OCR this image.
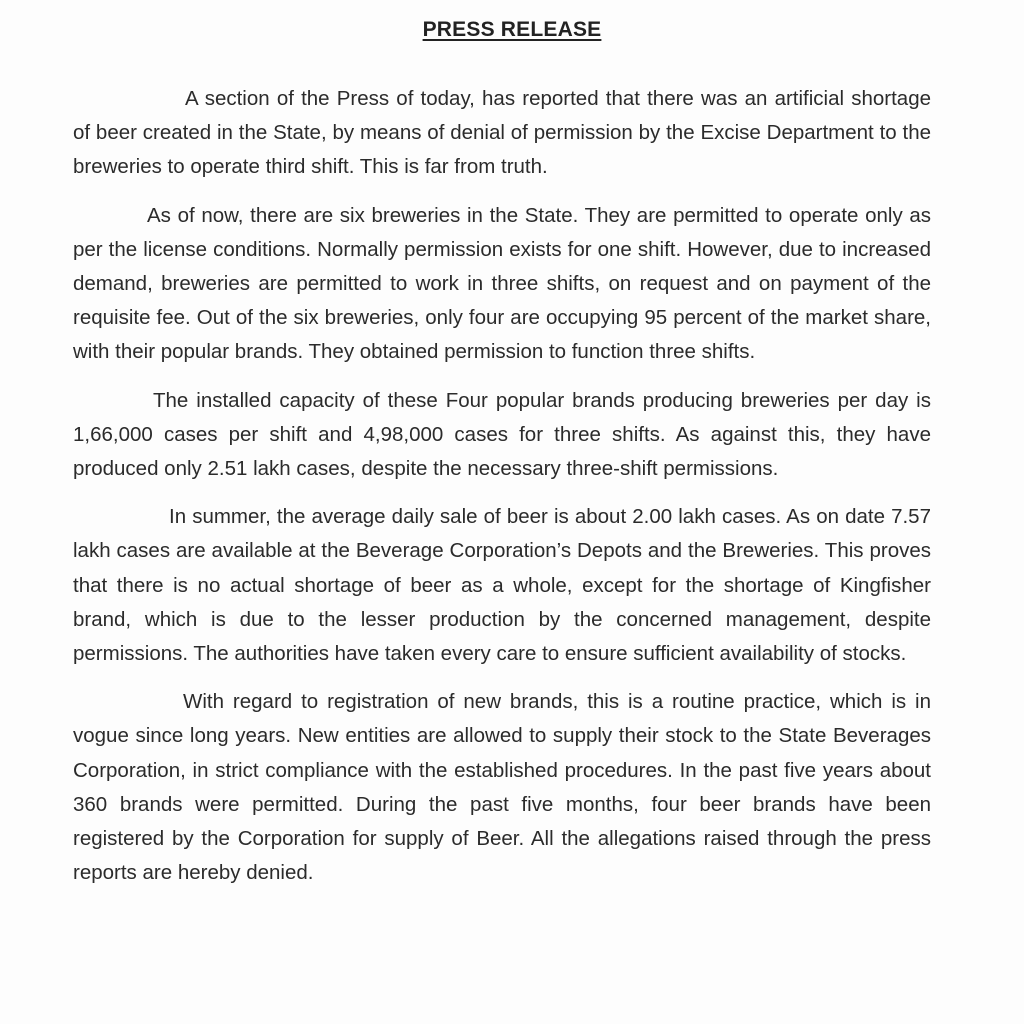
PRESS RELEASE

A section of the Press of today, has reported that there was an artificial shortage of beer created in the State, by means of denial of permission by the Excise Department to the breweries to operate third shift. This is far from truth.

As of now, there are six breweries in the State. They are permitted to operate only as per the license conditions. Normally permission exists for one shift. However, due to increased demand, breweries are permitted to work in three shifts, on request and on payment of the requisite fee. Out of the six breweries, only four are occupying 95 percent of the market share, with their popular brands. They obtained permission to function three shifts.

The installed capacity of these Four popular brands producing breweries per day is 1,66,000 cases per shift and 4,98,000 cases for three shifts. As against this, they have produced only 2.51 lakh cases, despite the necessary three-shift permissions.

In summer, the average daily sale of beer is about 2.00 lakh cases. As on date 7.57 lakh cases are available at the Beverage Corporation’s Depots and the Breweries. This proves that there is no actual shortage of beer as a whole, except for the shortage of Kingfisher brand, which is due to the lesser production by the concerned management, despite permissions. The authorities have taken every care to ensure sufficient availability of stocks.

With regard to registration of new brands, this is a routine practice, which is in vogue since long years. New entities are allowed to supply their stock to the State Beverages Corporation, in strict compliance with the established procedures. In the past five years about 360 brands were permitted. During the past five months, four beer brands have been registered by the Corporation for supply of Beer. All the allegations raised through the press reports are hereby denied.
